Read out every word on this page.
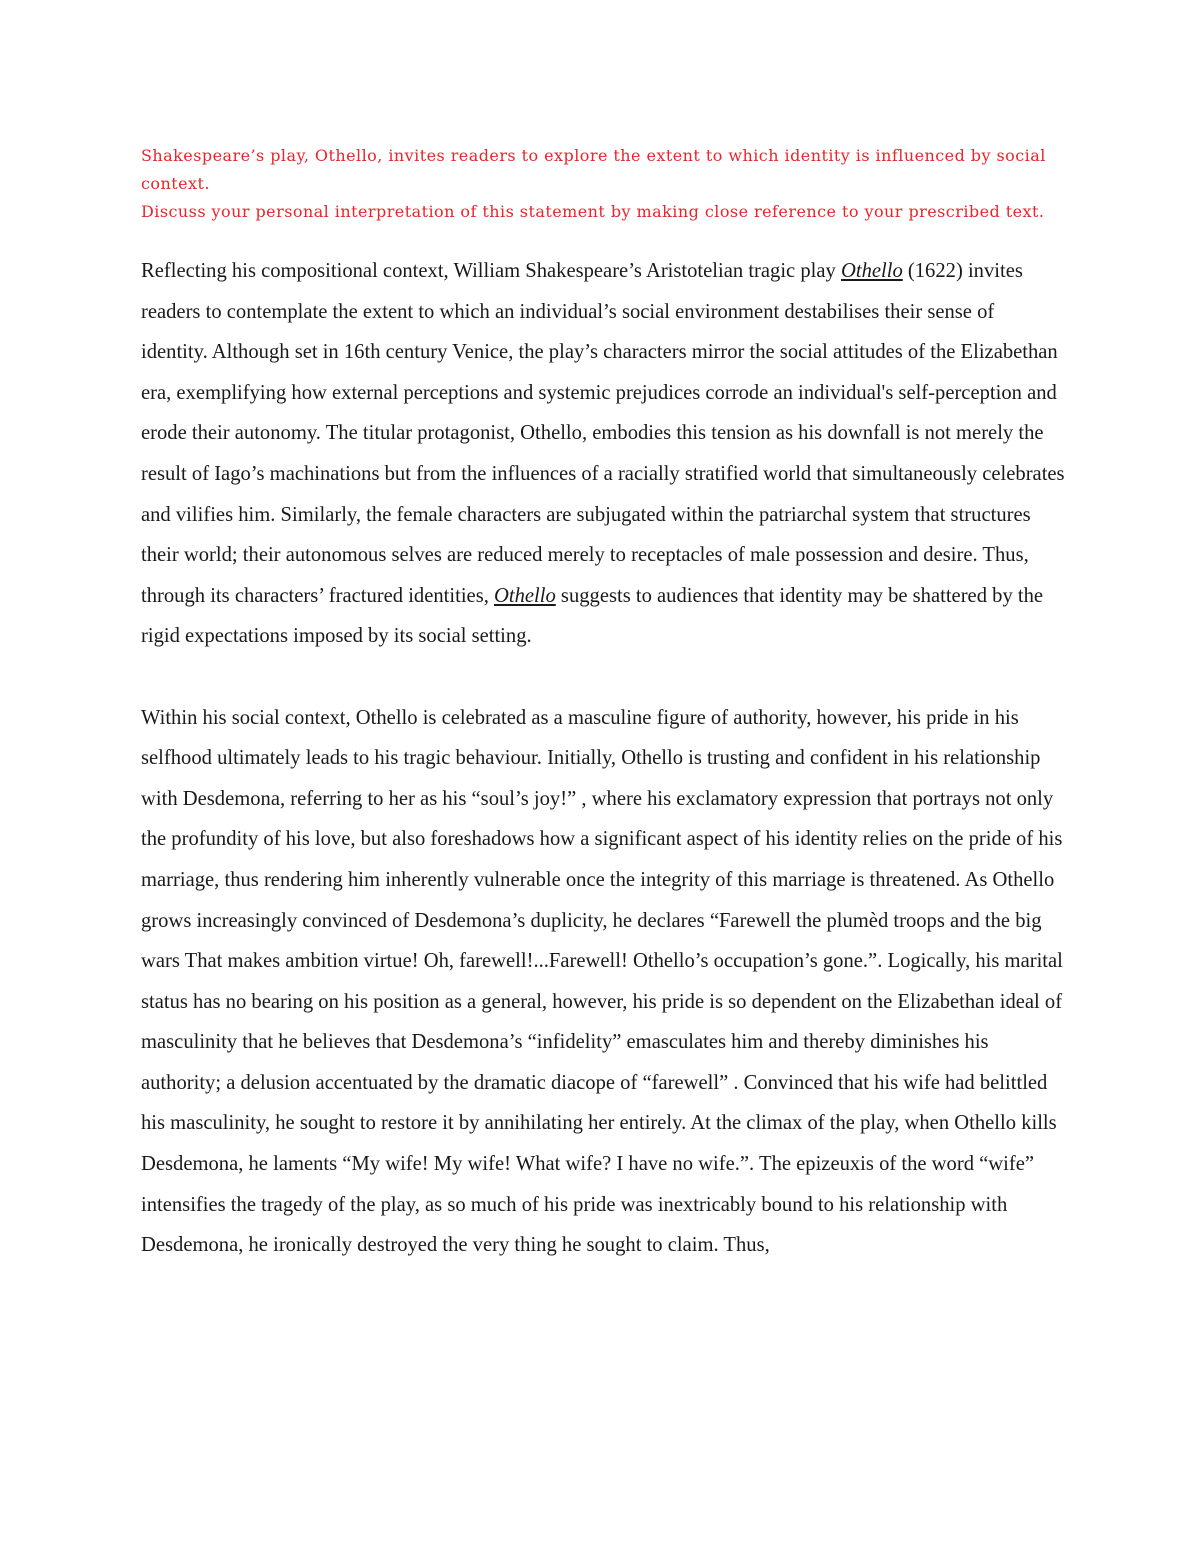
Shakespeare’s play, Othello, invites readers to explore the extent to which identity is influenced by social context.

Discuss your personal interpretation of this statement by making close reference to your prescribed text.

Reflecting his compositional context, William Shakespeare’s Aristotelian tragic play Othello (1622) invites readers to contemplate the extent to which an individual’s social environment destabilises their sense of identity. Although set in 16th century Venice, the play’s characters mirror the social attitudes of the Elizabethan era, exemplifying how external perceptions and systemic prejudices corrode an individual's self-perception and erode their autonomy. The titular protagonist, Othello, embodies this tension as his downfall is not merely the result of Iago’s machinations but from the influences of a racially stratified world that simultaneously celebrates and vilifies him. Similarly, the female characters are subjugated within the patriarchal system that structures their world; their autonomous selves are reduced merely to receptacles of male possession and desire. Thus, through its characters’ fractured identities, Othello suggests to audiences that identity may be shattered by the rigid expectations imposed by its social setting.

Within his social context, Othello is celebrated as a masculine figure of authority, however, his pride in his selfhood ultimately leads to his tragic behaviour. Initially, Othello is trusting and confident in his relationship with Desdemona, referring to her as his “soul’s joy!” , where his exclamatory expression that portrays not only the profundity of his love, but also foreshadows how a significant aspect of his identity relies on the pride of his marriage, thus rendering him inherently vulnerable once the integrity of this marriage is threatened. As Othello grows increasingly convinced of Desdemona’s duplicity, he declares “Farewell the plumèd troops and the big wars That makes ambition virtue! Oh, farewell!...Farewell! Othello’s occupation’s gone.”. Logically, his marital status has no bearing on his position as a general, however, his pride is so dependent on the Elizabethan ideal of masculinity that he believes that Desdemona’s “infidelity” emasculates him and thereby diminishes his authority; a delusion accentuated by the dramatic diacope of “farewell” . Convinced that his wife had belittled his masculinity, he sought to restore it by annihilating her entirely. At the climax of the play, when Othello kills Desdemona, he laments “My wife! My wife! What wife? I have no wife.”. The epizeuxis of the word “wife” intensifies the tragedy of the play, as so much of his pride was inextricably bound to his relationship with Desdemona, he ironically destroyed the very thing he sought to claim. Thus,
